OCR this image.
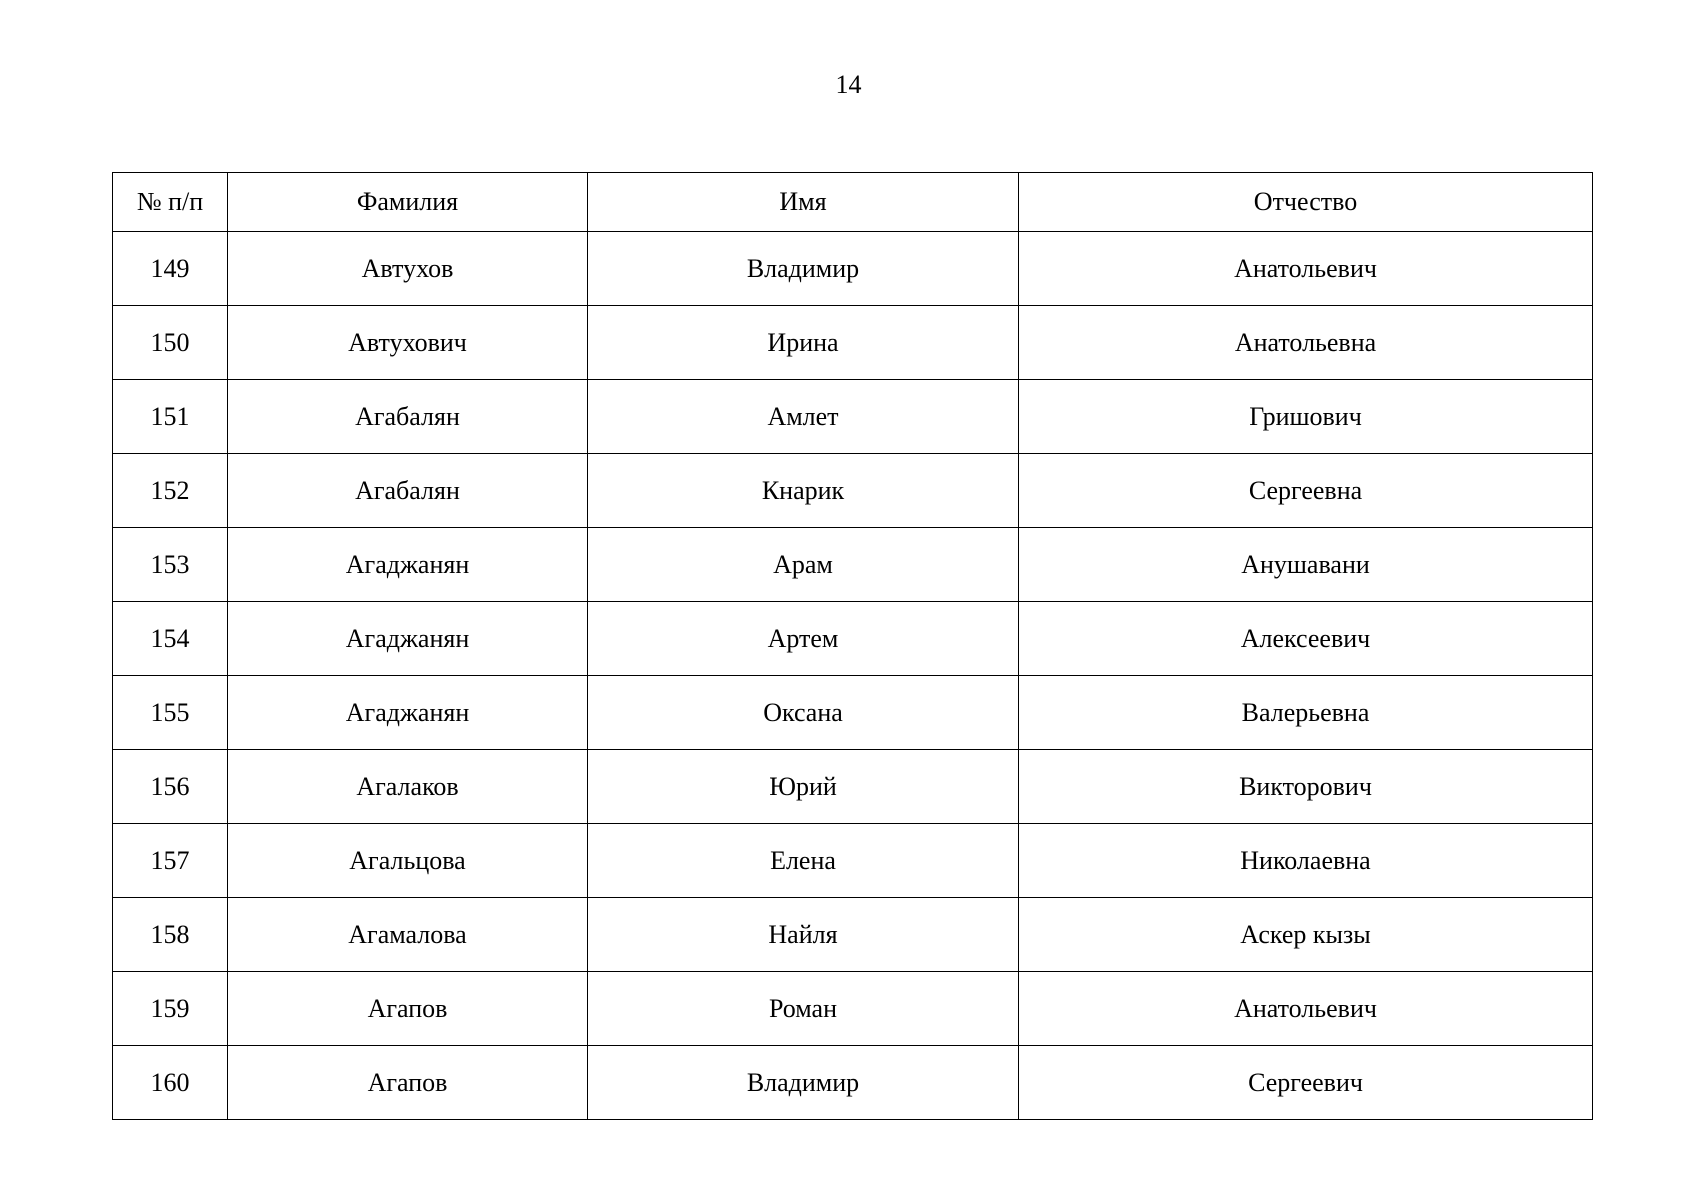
14
№ п/п	Фамилия	Имя	Отчество
149	Автухов	Владимир	Анатольевич
150	Автухович	Ирина	Анатольевна
151	Агабалян	Амлет	Гришович
152	Агабалян	Кнарик	Сергеевна
153	Агаджанян	Арам	Анушавани
154	Агаджанян	Артем	Алексеевич
155	Агаджанян	Оксана	Валерьевна
156	Агалаков	Юрий	Викторович
157	Агальцова	Елена	Николаевна
158	Агамалова	Найля	Аскер кызы
159	Агапов	Роман	Анатольевич
160	Агапов	Владимир	Сергеевич
